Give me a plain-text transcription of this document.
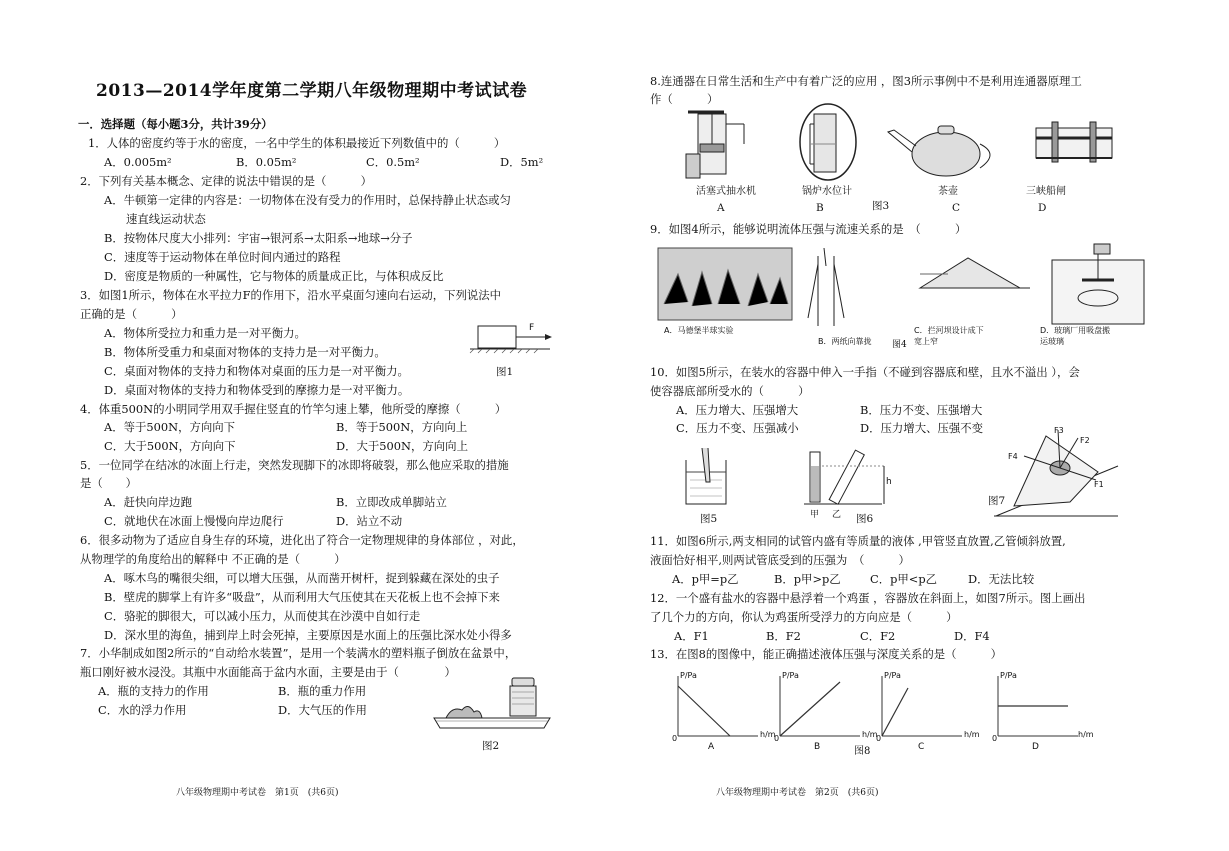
2013—2014学年度第二学期八年级物理期中考试试卷
一．选择题（每小题3分，共计39分）
1．人体的密度约等于水的密度，一名中学生的体积最接近下列数值中的（　　　）
A．0.005m²	B．0.05m²	C．0.5m²	D．5m²
2．下列有关基本概念、定律的说法中错误的是（　　　）
A．牛顿第一定律的内容是：一切物体在没有受力的作用时，总保持静止状态或匀
速直线运动状态
B．按物体尺度大小排列：宇宙→银河系→太阳系→地球→分子
C．速度等于运动物体在单位时间内通过的路程
D．密度是物质的一种属性，它与物体的质量成正比，与体积成反比
3．如图1所示，物体在水平拉力F的作用下，沿水平桌面匀速向右运动，下列说法中
正确的是（　　　）
A．物体所受拉力和重力是一对平衡力。
B．物体所受重力和桌面对物体的支持力是一对平衡力。
C．桌面对物体的支持力和物体对桌面的压力是一对平衡力。
D．桌面对物体的支持力和物体受到的摩擦力是一对平衡力。
F
图1
4．体重500N的小明同学用双手握住竖直的竹竿匀速上攀，他所受的摩擦（　　　）
A．等于500N，方向向下	B．等于500N，方向向上
C．大于500N，方向向下	D．大于500N，方向向上
5．一位同学在结冰的冰面上行走，突然发现脚下的冰即将破裂，那么他应采取的措施
是（　　）
A．赶快向岸边跑	B．立即改成单脚站立
C．就地伏在冰面上慢慢向岸边爬行	D．站立不动
6．很多动物为了适应自身生存的环境，进化出了符合一定物理规律的身体部位 ，对此，
从物理学的角度给出的解释中 不正确的是（　　　）
A．啄木鸟的嘴很尖细，可以增大压强，从而凿开树杆，捉到躲藏在深处的虫子
B．壁虎的脚掌上有许多“吸盘”，从而利用大气压使其在天花板上也不会掉下来
C．骆驼的脚很大，可以减小压力，从而使其在沙漠中自如行走
D．深水里的海鱼，捕到岸上时会死掉，主要原因是水面上的压强比深水处小得多
7．小华制成如图2所示的“自动给水装置”，是用一个装满水的塑料瓶子倒放在盆景中，
瓶口刚好被水浸没。其瓶中水面能高于盆内水面，主要是由于（　　　　）
A．瓶的支持力的作用	B．瓶的重力作用
C．水的浮力作用	D．大气压的作用
图2
八年级物理期中考试卷　第1页　(共6页)
8.连通器在日常生活和生产中有着广泛的应用 ，图3所示事例中不是利用连通器原理工
作（　　　）
活塞式抽水机	锅炉水位计	茶壶	三峡船闸
A	B	C	D
图3
9．如图4所示，能够说明流体压强与流速关系的是　（　　　）
A．马德堡半球实验
B．两纸向靠拢
C．拦河坝设计成下宽上窄
D．玻璃厂用吸盘搬运玻璃
图4
10．如图5所示，在装水的容器中伸入一手指（不碰到容器底和壁，且水不溢出 ），会
使容器底部所受水的（　　　）
A．压力增大、压强增大	B．压力不变、压强增大
C．压力不变、压强减小	D．压力增大、压强不变
图5
h
甲 乙 图6
F1
F2
F3
F4
图7
11．如图6所示,两支相同的试管内盛有等质量的液体 ,甲管竖直放置,乙管倾斜放置,
液面恰好相平,则两试管底受到的压强为　（　　　）
A．p甲=p乙	B．p甲>p乙	C．p甲<p乙	D．无法比较
12．一个盛有盐水的容器中悬浮着一个鸡蛋 ，容器放在斜面上，如图7所示。图上画出
了几个力的方向，你认为鸡蛋所受浮力的方向应是（　　　）
A．F1	B．F2	C．F2	D．F4
13．在图8的图像中，能正确描述液体压强与深度关系的是（　　　）
P/Pa	P/Pa	P/Pa	P/Pa
h/m	h/m	h/m	h/m
0	0	0	0
A	B	C	D
图8
八年级物理期中考试卷　第2页　(共6页)
